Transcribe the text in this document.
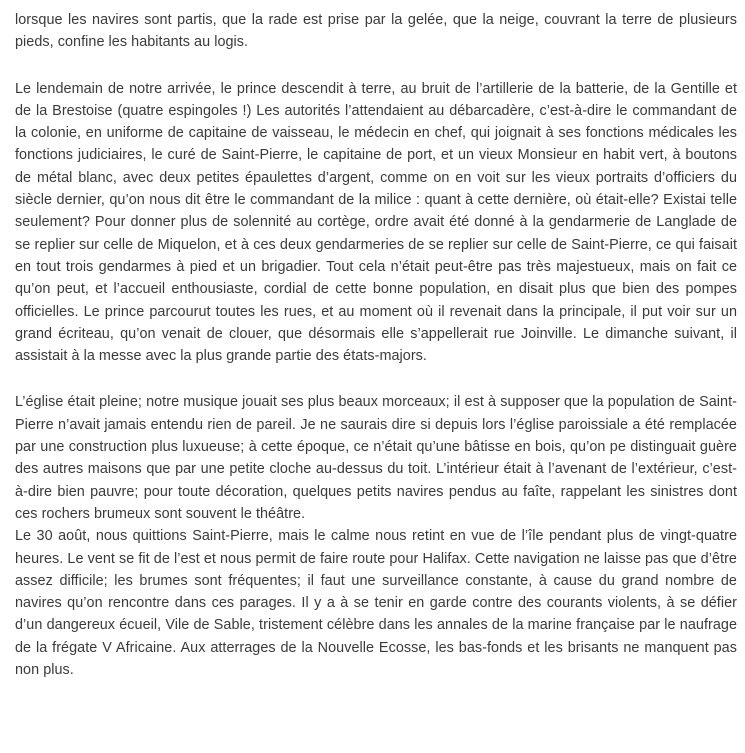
lorsque les navires sont partis, que la rade est prise par la gelée, que la neige, couvrant la terre de plusieurs pieds, confine les habitants au logis.

Le lendemain de notre arrivée, le prince descendit à terre, au bruit de l’artillerie de la batterie, de la Gentille et de la Brestoise (quatre espingoles !) Les autorités l’attendaient au débarcadère, c’est-à-dire le commandant de la colonie, en uniforme de capitaine de vaisseau, le médecin en chef, qui joignait à ses fonctions médicales les fonctions judiciaires, le curé de Saint-Pierre, le capitaine de port, et un vieux Monsieur en habit vert, à boutons de métal blanc, avec deux petites épaulettes d’argent, comme on en voit sur les vieux portraits d’officiers du siècle dernier, qu’on nous dit être le commandant de la milice : quant à cette dernière, où était-elle? Existai telle seulement? Pour donner plus de solennité au cortège, ordre avait été donné à la gendarmerie de Langlade de se replier sur celle de Miquelon, et à ces deux gendarmeries de se replier sur celle de Saint-Pierre, ce qui faisait en tout trois gendarmes à pied et un brigadier. Tout cela n’était peut-être pas très majestueux, mais on fait ce qu’on peut, et l’accueil enthousiaste, cordial de cette bonne population, en disait plus que bien des pompes officielles. Le prince parcourut toutes les rues, et au moment où il revenait dans la principale, il put voir sur un grand écriteau, qu’on venait de clouer, que désormais elle s’appellerait rue Joinville. Le dimanche suivant, il assistait à la messe avec la plus grande partie des états-majors.

L’église était pleine; notre musique jouait ses plus beaux morceaux; il est à supposer que la population de Saint-Pierre n’avait jamais entendu rien de pareil. Je ne saurais dire si depuis lors l’église paroissiale a été remplacée par une construction plus luxueuse; à cette époque, ce n’était qu’une bâtisse en bois, qu’on pe distinguait guère des autres maisons que par une petite cloche au-dessus du toit. L’intérieur était à l’avenant de l’extérieur, c’est-à-dire bien pauvre; pour toute décoration, quelques petits navires pendus au faîte, rappelant les sinistres dont ces rochers brumeux sont souvent le théâtre.

Le 30 août, nous quittions Saint-Pierre, mais le calme nous retint en vue de l’île pendant plus de vingt-quatre heures. Le vent se fit de l’est et nous permit de faire route pour Halifax. Cette navigation ne laisse pas que d’être assez difficile; les brumes sont fréquentes; il faut une surveillance constante, à cause du grand nombre de navires qu’on rencontre dans ces parages. Il y a à se tenir en garde contre des courants violents, à se défier d’un dangereux écueil, Vile de Sable, tristement célèbre dans les annales de la marine française par le naufrage de la frégate V Africaine. Aux atterrages de la Nouvelle Ecosse, les bas-fonds et les brisants ne manquent pas non plus.
